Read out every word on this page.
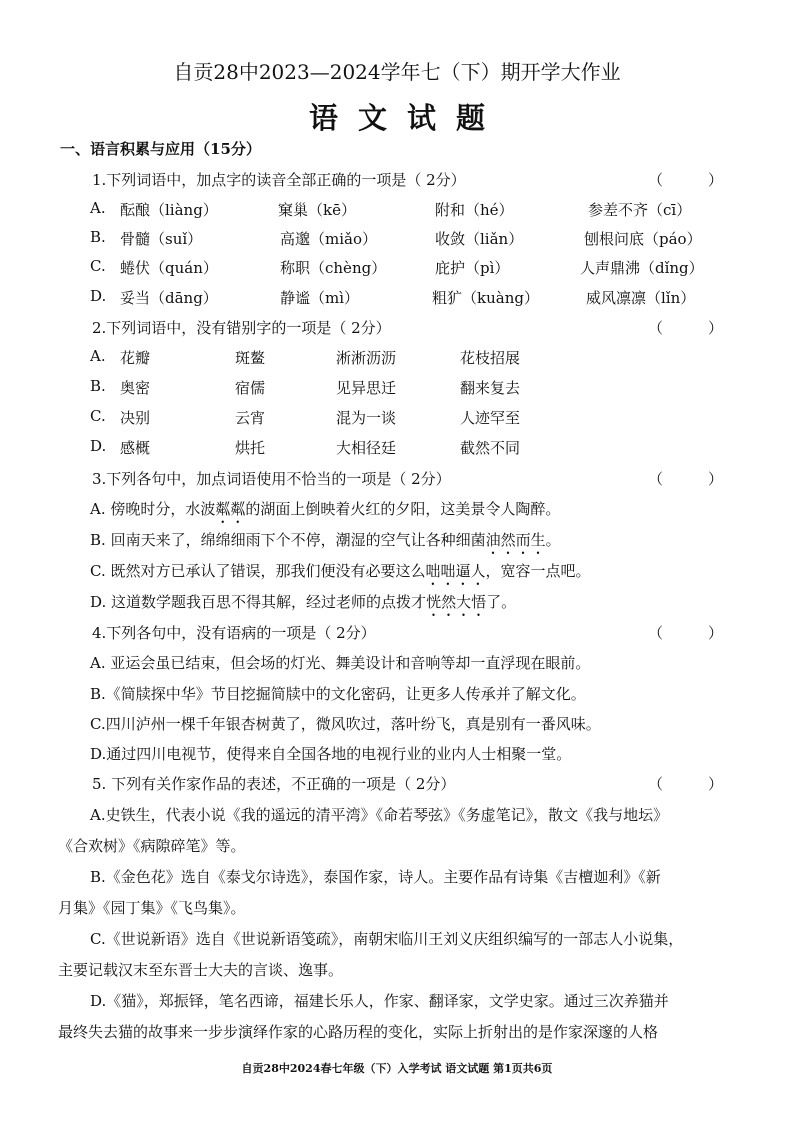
自贡28中2023—2024学年七（下）期开学大作业
语文试题
一、语言积累与应用（15分）
1.下列词语中，加点字的读音全部正确的一项是（ 2分）	（　　　）
A. 酝酿（liàng）	窠巢（kē）	附和（hé）	参差不齐（cī）
B. 骨髓（suǐ）	高邈（miǎo）	收敛（liǎn）	刨根问底（páo）
C. 蜷伏（quán）	称职（chèng）	庇护（pì）	人声鼎沸（dǐng）
D. 妥当（dāng）	静谧（mì）	粗犷（kuàng）	威风凛凛（lǐn）
2.下列词语中，没有错别字的一项是（ 2分）	（　　　）
A. 花瓣	斑鳌	淅淅沥沥	花枝招展
B. 奥密	宿儒	见异思迁	翻来复去
C. 决别	云宵	混为一谈	人迹罕至
D. 感概	烘托	大相径廷	截然不同
3.下列各句中，加点词语使用不恰当的一项是（ 2分）	（　　　）
A. 傍晚时分，水波粼粼的湖面上倒映着火红的夕阳，这美景令人陶醉。
B. 回南天来了，绵绵细雨下个不停，潮湿的空气让各种细菌油然而生。
C. 既然对方已承认了错误，那我们便没有必要这么咄咄逼人，宽容一点吧。
D. 这道数学题我百思不得其解，经过老师的点拨才恍然大悟了。
4.下列各句中，没有语病的一项是（ 2分）	（　　　）
A. 亚运会虽已结束，但会场的灯光、舞美设计和音响等却一直浮现在眼前。
B.《简牍探中华》节目挖掘简牍中的文化密码，让更多人传承并了解文化。
C.四川泸州一棵千年银杏树黄了，微风吹过，落叶纷飞，真是别有一番风味。
D.通过四川电视节，使得来自全国各地的电视行业的业内人士相聚一堂。
5. 下列有关作家作品的表述，不正确的一项是（ 2分）	（　　　）
A.史铁生，代表小说《我的遥远的清平湾》《命若琴弦》《务虚笔记》，散文《我与地坛》
《合欢树》《病隙碎笔》等。
B.《金色花》选自《泰戈尔诗选》，泰国作家，诗人。主要作品有诗集《吉檀迦利》《新
月集》《园丁集》《飞鸟集》。
C.《世说新语》选自《世说新语笺疏》，南朝宋临川王刘义庆组织编写的一部志人小说集，
主要记载汉末至东晋士大夫的言谈、逸事。
D.《猫》，郑振铎，笔名西谛，福建长乐人，作家、翻译家，文学史家。通过三次养猫并
最终失去猫的故事来一步步演绎作家的心路历程的变化，实际上折射出的是作家深邃的人格
自贡28中2024春七年级（下）入学考试 语文试题 第1页共6页
